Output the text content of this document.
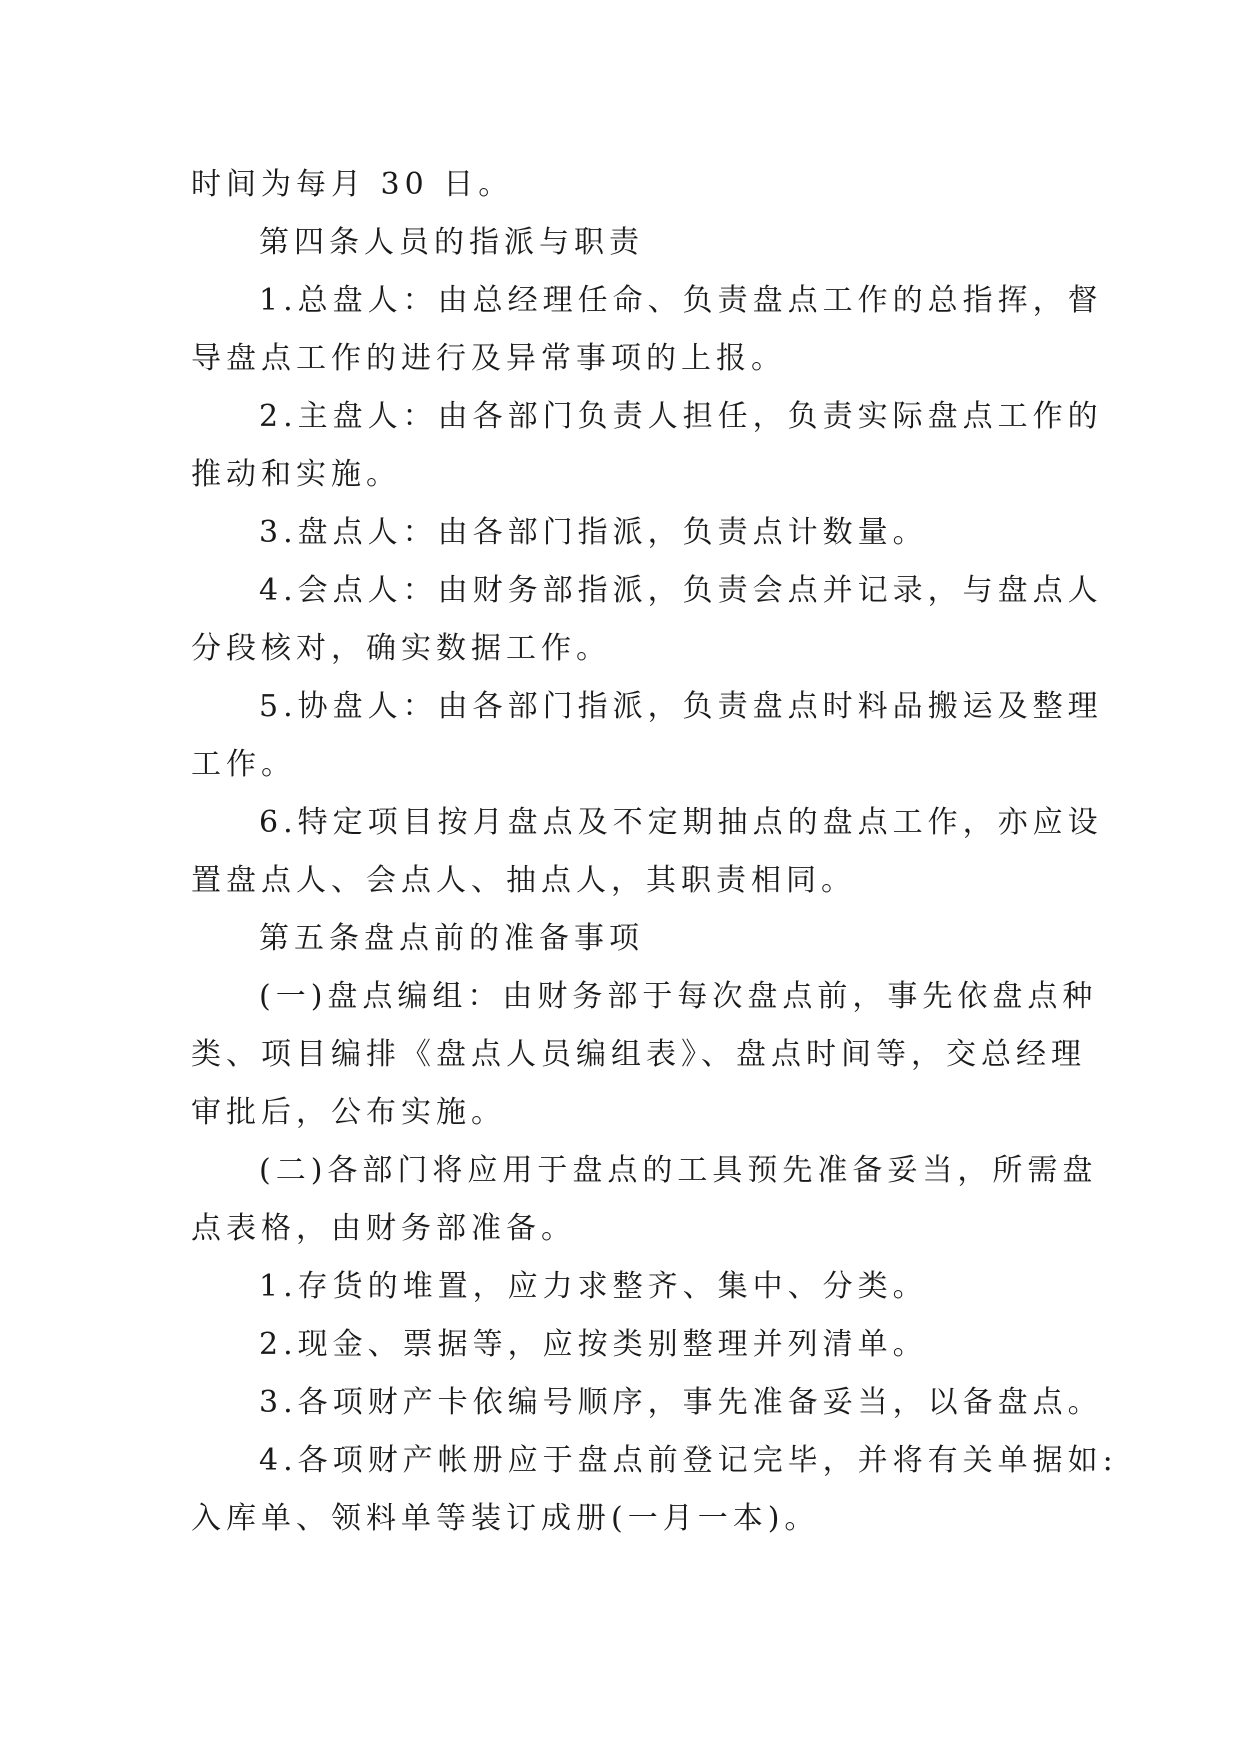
时间为每月 30 日。

第四条人员的指派与职责

1.总盘人：由总经理任命、负责盘点工作的总指挥，督
导盘点工作的进行及异常事项的上报。

2.主盘人：由各部门负责人担任，负责实际盘点工作的
推动和实施。

3.盘点人：由各部门指派，负责点计数量。

4.会点人：由财务部指派，负责会点并记录，与盘点人
分段核对，确实数据工作。

5.协盘人：由各部门指派，负责盘点时料品搬运及整理
工作。

6.特定项目按月盘点及不定期抽点的盘点工作，亦应设
置盘点人、会点人、抽点人，其职责相同。

第五条盘点前的准备事项

(一)盘点编组：由财务部于每次盘点前，事先依盘点种
类、项目编排《盘点人员编组表》、盘点时间等，交总经理
审批后，公布实施。

(二)各部门将应用于盘点的工具预先准备妥当，所需盘
点表格，由财务部准备。

1.存货的堆置，应力求整齐、集中、分类。

2.现金、票据等，应按类别整理并列清单。

3.各项财产卡依编号顺序，事先准备妥当，以备盘点。

4.各项财产帐册应于盘点前登记完毕，并将有关单据如:
入库单、领料单等装订成册(一月一本)。
